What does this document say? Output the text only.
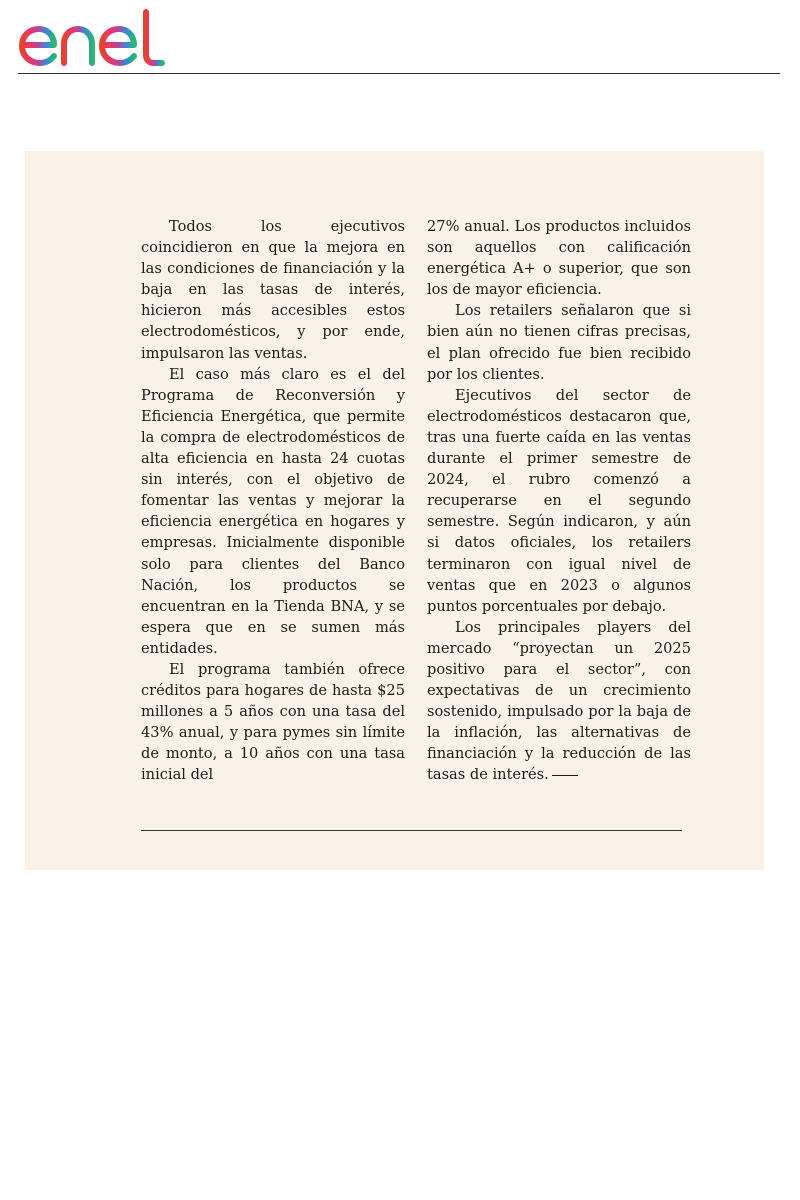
Todos los ejecutivos coincidieron en que la mejora en las condiciones de financiación y la baja en las tasas de interés, hicieron más accesibles estos electrodomésticos, y por ende, impulsaron las ventas.

El caso más claro es el del Programa de Reconversión y Eficiencia Energética, que permite la compra de electrodomésticos de alta eficiencia en hasta 24 cuotas sin interés, con el objetivo de fomentar las ventas y mejorar la eficiencia energética en hogares y empresas. Inicialmente disponible solo para clientes del Banco Nación, los productos se encuentran en la Tienda BNA, y se espera que en se sumen más entidades.

El programa también ofrece créditos para hogares de hasta $25 millones a 5 años con una tasa del 43% anual, y para pymes sin límite de monto, a 10 años con una tasa inicial del

27% anual. Los productos incluidos son aquellos con calificación energética A+ o superior, que son los de mayor eficiencia.

Los retailers señalaron que si bien aún no tienen cifras precisas, el plan ofrecido fue bien recibido por los clientes.

Ejecutivos del sector de electrodomésticos destacaron que, tras una fuerte caída en las ventas durante el primer semestre de 2024, el rubro comenzó a recuperarse en el segundo semestre. Según indicaron, y aún si datos oficiales, los retailers terminaron con igual nivel de ventas que en 2023 o algunos puntos porcentuales por debajo.

Los principales players del mercado “proyectan un 2025 positivo para el sector”, con expectativas de un crecimiento sostenido, impulsado por la baja de la inflación, las alternativas de financiación y la reducción de las tasas de interés.
